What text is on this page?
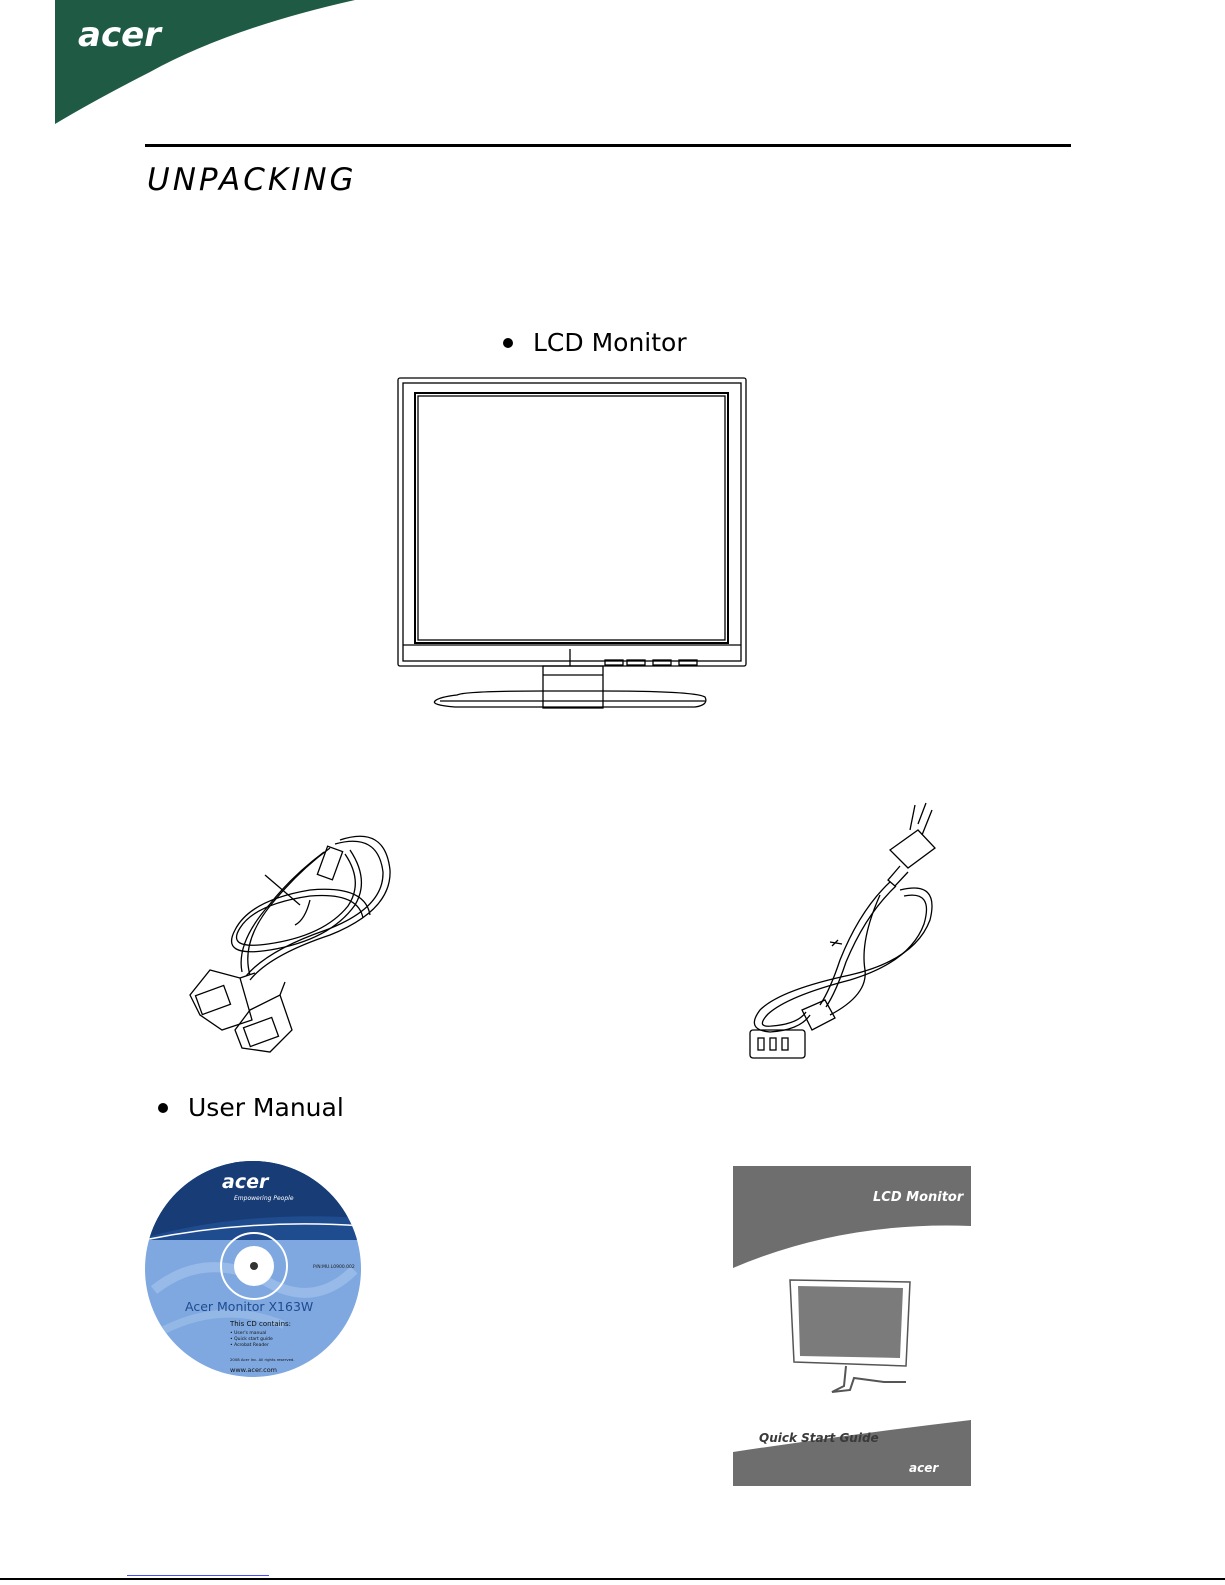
acer
UNPACKING
LCD Monitor
User Manual
acer
Empowering People
P/N:MU.L0900.002
Acer Monitor X163W
This CD contains:
• User's manual
• Quick start guide
• Acrobat Reader
2008 Acer Inc. All rights reserved.
www.acer.com
LCD Monitor
Quick Start Guide
acer
